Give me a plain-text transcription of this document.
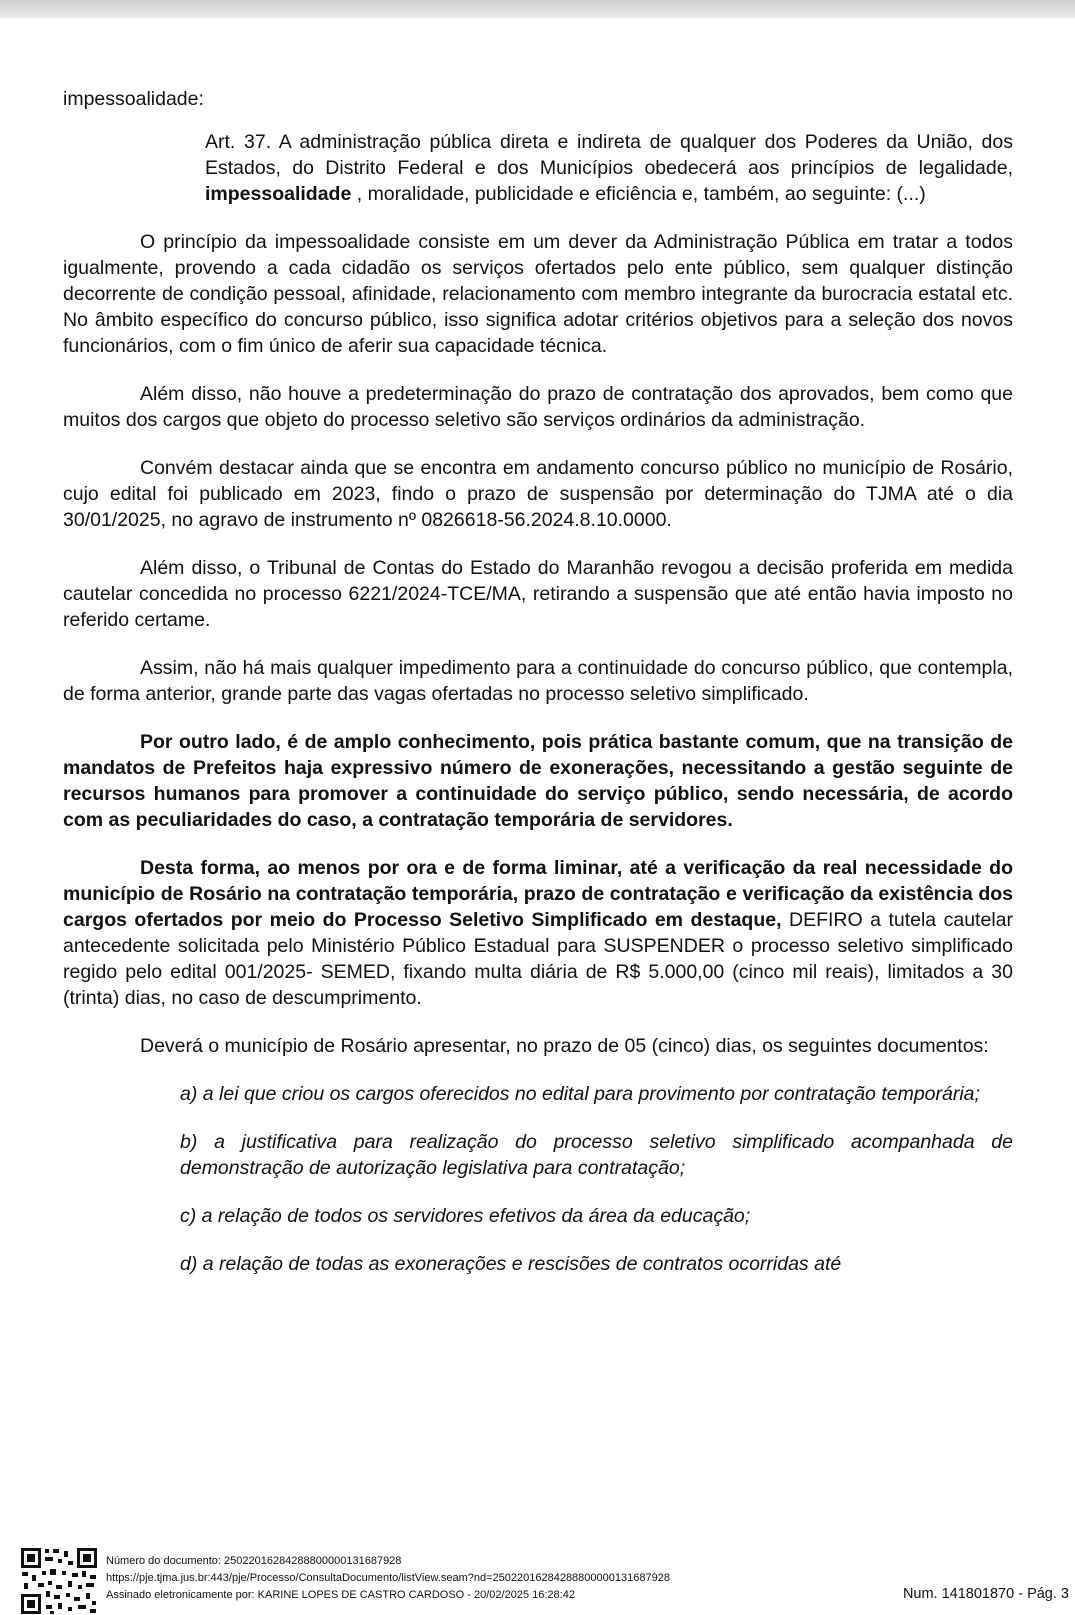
impessoalidade:

Art. 37. A administração pública direta e indireta de qualquer dos Poderes da União, dos Estados, do Distrito Federal e dos Municípios obedecerá aos princípios de legalidade, impessoalidade , moralidade, publicidade e eficiência e, também, ao seguinte: (...)

O princípio da impessoalidade consiste em um dever da Administração Pública em tratar a todos igualmente, provendo a cada cidadão os serviços ofertados pelo ente público, sem qualquer distinção decorrente de condição pessoal, afinidade, relacionamento com membro integrante da burocracia estatal etc. No âmbito específico do concurso público, isso significa adotar critérios objetivos para a seleção dos novos funcionários, com o fim único de aferir sua capacidade técnica.

Além disso, não houve a predeterminação do prazo de contratação dos aprovados, bem como que muitos dos cargos que objeto do processo seletivo são serviços ordinários da administração.

Convém destacar ainda que se encontra em andamento concurso público no município de Rosário, cujo edital foi publicado em 2023, findo o prazo de suspensão por determinação do TJMA até o dia 30/01/2025, no agravo de instrumento nº 0826618-56.2024.8.10.0000.

Além disso, o Tribunal de Contas do Estado do Maranhão revogou a decisão proferida em medida cautelar concedida no processo 6221/2024-TCE/MA, retirando a suspensão que até então havia imposto no referido certame.

Assim, não há mais qualquer impedimento para a continuidade do concurso público, que contempla, de forma anterior, grande parte das vagas ofertadas no processo seletivo simplificado.

Por outro lado, é de amplo conhecimento, pois prática bastante comum, que na transição de mandatos de Prefeitos haja expressivo número de exonerações, necessitando a gestão seguinte de recursos humanos para promover a continuidade do serviço público, sendo necessária, de acordo com as peculiaridades do caso, a contratação temporária de servidores.

Desta forma, ao menos por ora e de forma liminar, até a verificação da real necessidade do município de Rosário na contratação temporária, prazo de contratação e verificação da existência dos cargos ofertados por meio do Processo Seletivo Simplificado em destaque, DEFIRO a tutela cautelar antecedente solicitada pelo Ministério Público Estadual para SUSPENDER o processo seletivo simplificado regido pelo edital 001/2025- SEMED, fixando multa diária de R$ 5.000,00 (cinco mil reais), limitados a 30 (trinta) dias, no caso de descumprimento.

Deverá o município de Rosário apresentar, no prazo de 05 (cinco) dias, os seguintes documentos:

a) a lei que criou os cargos oferecidos no edital para provimento por contratação temporária;

b) a justificativa para realização do processo seletivo simplificado acompanhada de demonstração de autorização legislativa para contratação;

c) a relação de todos os servidores efetivos da área da educação;

d) a relação de todas as exonerações e rescisões de contratos ocorridas até

Número do documento: 25022016284288800000131687928
https://pje.tjma.jus.br:443/pje/Processo/ConsultaDocumento/listView.seam?nd=25022016284288800000131687928
Assinado eletronicamente por: KARINE LOPES DE CASTRO CARDOSO - 20/02/2025 16:28:42	Num. 141801870 - Pág. 3
